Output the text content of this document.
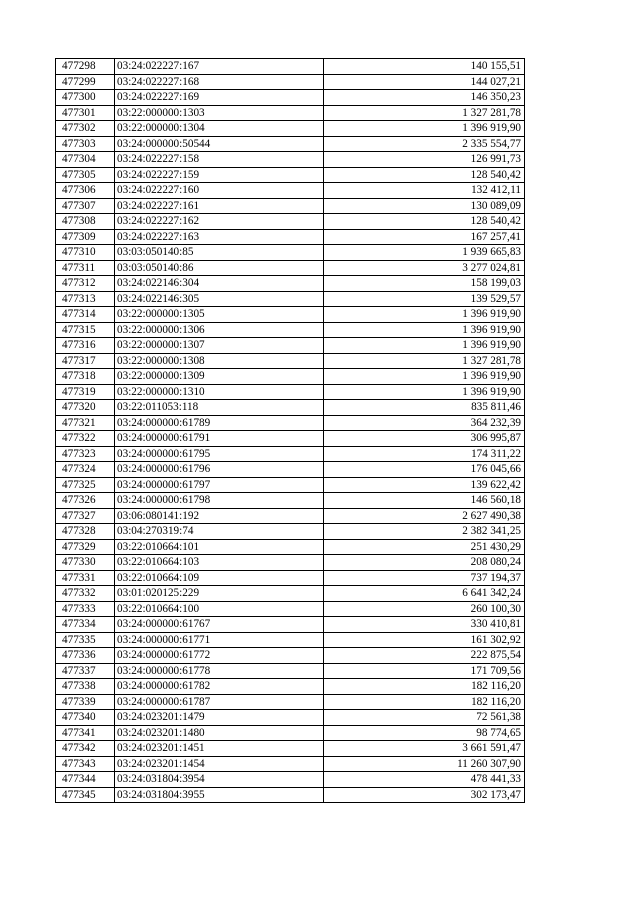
477298	03:24:022227:167	140 155,51
477299	03:24:022227:168	144 027,21
477300	03:24:022227:169	146 350,23
477301	03:22:000000:1303	1 327 281,78
477302	03:22:000000:1304	1 396 919,90
477303	03:24:000000:50544	2 335 554,77
477304	03:24:022227:158	126 991,73
477305	03:24:022227:159	128 540,42
477306	03:24:022227:160	132 412,11
477307	03:24:022227:161	130 089,09
477308	03:24:022227:162	128 540,42
477309	03:24:022227:163	167 257,41
477310	03:03:050140:85	1 939 665,83
477311	03:03:050140:86	3 277 024,81
477312	03:24:022146:304	158 199,03
477313	03:24:022146:305	139 529,57
477314	03:22:000000:1305	1 396 919,90
477315	03:22:000000:1306	1 396 919,90
477316	03:22:000000:1307	1 396 919,90
477317	03:22:000000:1308	1 327 281,78
477318	03:22:000000:1309	1 396 919,90
477319	03:22:000000:1310	1 396 919,90
477320	03:22:011053:118	835 811,46
477321	03:24:000000:61789	364 232,39
477322	03:24:000000:61791	306 995,87
477323	03:24:000000:61795	174 311,22
477324	03:24:000000:61796	176 045,66
477325	03:24:000000:61797	139 622,42
477326	03:24:000000:61798	146 560,18
477327	03:06:080141:192	2 627 490,38
477328	03:04:270319:74	2 382 341,25
477329	03:22:010664:101	251 430,29
477330	03:22:010664:103	208 080,24
477331	03:22:010664:109	737 194,37
477332	03:01:020125:229	6 641 342,24
477333	03:22:010664:100	260 100,30
477334	03:24:000000:61767	330 410,81
477335	03:24:000000:61771	161 302,92
477336	03:24:000000:61772	222 875,54
477337	03:24:000000:61778	171 709,56
477338	03:24:000000:61782	182 116,20
477339	03:24:000000:61787	182 116,20
477340	03:24:023201:1479	72 561,38
477341	03:24:023201:1480	98 774,65
477342	03:24:023201:1451	3 661 591,47
477343	03:24:023201:1454	11 260 307,90
477344	03:24:031804:3954	478 441,33
477345	03:24:031804:3955	302 173,47
